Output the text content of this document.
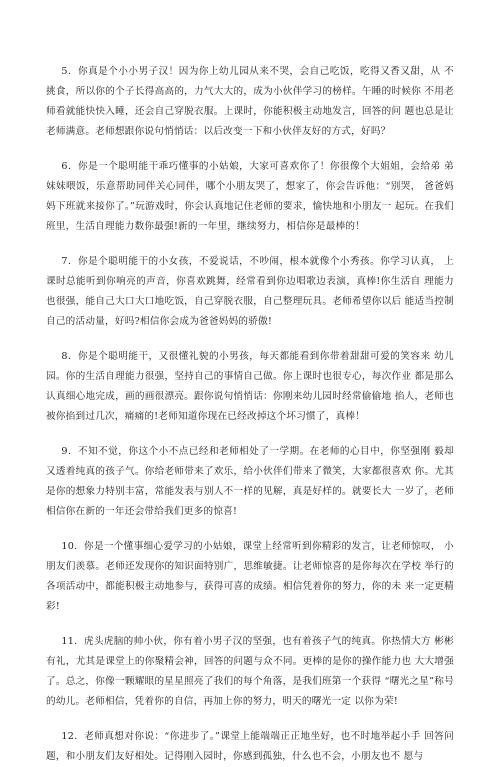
5．你真是个小小男子汉！因为你上幼儿园从来不哭，会自己吃饭，吃得又香又甜，从 不挑食，所以你的个子长得高高的，力气大大的，成为小伙伴学习的榜样。午睡的时候你 不用老师看就能快快入睡，还会自己穿脱衣服。上课时，你能积极主动地发言，回答的问 题也总是让老师满意。老师想跟你说句悄悄话：以后改变一下和小伙伴友好的方式，好吗？

6．你是一个聪明能干乖巧懂事的小姑娘，大家可喜欢你了！你很像个大姐姐，会给弟 弟妹妹喂饭，乐意帮助同伴关心同伴，哪个小朋友哭了，想家了，你会告诉他：“别哭， 爸爸妈妈下班就来接你了。”玩游戏时，你会认真地记住老师的要求，愉快地和小朋友一 起玩。在我们班里，生活自理能力数你最强!新的一年里，继续努力，相信你是最棒的！

7．你是个聪明能干的小女孩，不爱说话，不吵闹，根本就像个小秀孩。你学习认真， 上课时总能听到你响亮的声音，你喜欢跳舞，经常看到你边唱歌边表演，真棒!你生活自 理能力也很强，能自己大口大口地吃饭，自己穿脱衣服，自己整理玩具。老师希望你以后 能适当控制自己的活动量，好吗?相信你会成为爸爸妈妈的骄傲!

8．你是个聪明能干，又很懂礼貌的小男孩，每天都能看到你带着甜甜可爱的笑容来 幼儿园。你的生活自理能力很强，坚持自己的事情自己做。你上课时也很专心，每次作业 都是那么认真细心地完成，画的画很漂亮。跟你说句悄悄话：你刚来幼儿园时经常偷偷地 掐人，老师也被你掐到过几次，痛痛的!老师知道你现在已经改掉这个坏习惯了，真棒！

9．不知不觉，你这个小不点已经和老师相处了一学期。在老师的心目中，你坚强刚 毅却又透着纯真的孩子气。你给老师带来了欢乐，给小伙伴们带来了微笑，大家都很喜欢 你。尤其是你的想象力特别丰富，常能发表与别人不一样的见解，真是好样的。就要长大 一岁了，老师相信你在新的一年还会带给我们更多的惊喜!

10．你是一个懂事细心爱学习的小姑娘，课堂上经常听到你精彩的发言，让老师惊叹， 小朋友们羡慕。老师还发现你的知识面特别广，思维敏捷。让老师惊喜的是你每次在学校 举行的各项活动中，都能积极主动地参与，获得可喜的成绩。相信凭着你的努力，你的未 来一定更精彩!

11．虎头虎脑的帅小伙，你有着小男子汉的坚强，也有着孩子气的纯真。你热情大方 彬彬有礼，尤其是课堂上的你聚精会神，回答的问题与众不同。更棒的是你的操作能力也 大大增强了。总之，你像一颗耀眼的星星照亮了我们的每个角落，是我们班第一个获得 “曙光之星”称号的幼儿。老师相信，凭着你的自信，再加上你的努力，明天的曙光一定 以你为荣!

12．老师真想对你说：“你进步了。”课堂上能端端正正地坐好，也不时地举起小手 回答问题，和小朋友们友好相处。记得刚入园时，你感到孤独，什么也不会，小朋友也不 愿与
